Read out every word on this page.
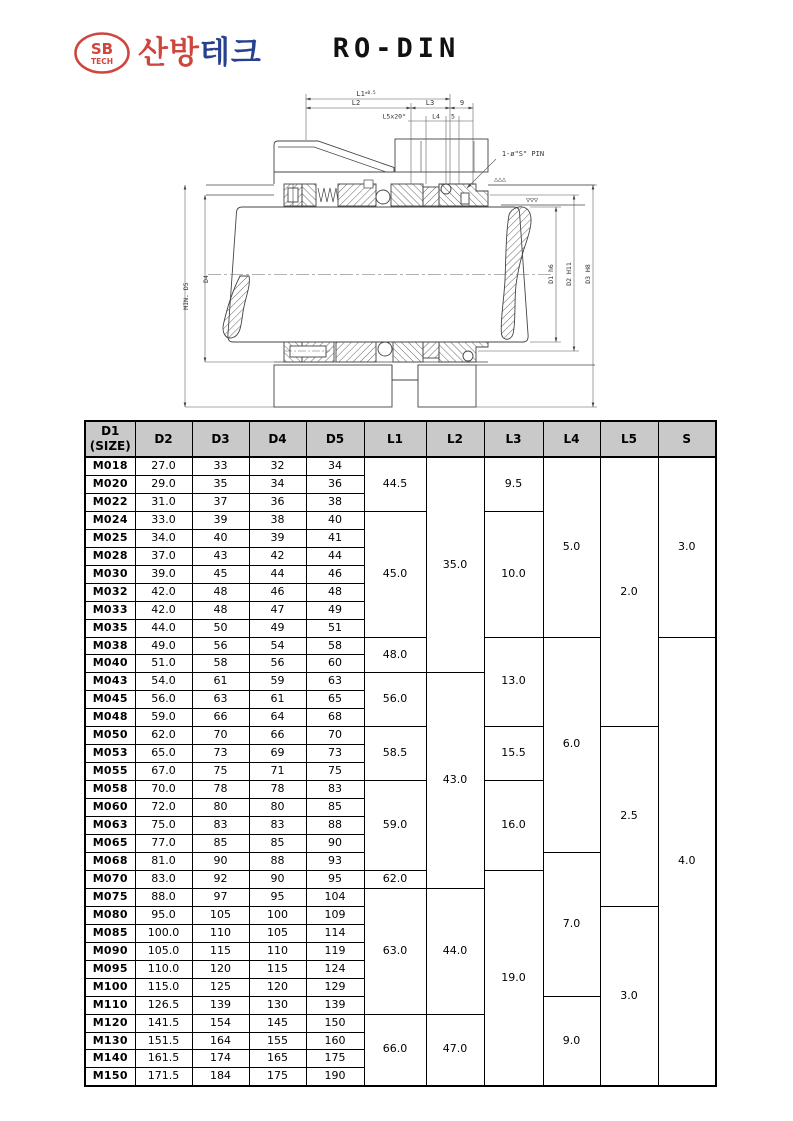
SB
TECH 산방테크	RO-DIN
$L1^{\pm 0.5}$
L2	L3	9
L5x20°	L4 5
1-ø"S" PIN
MIN. D5
D4	D1 h6 D2 H11 D3 H8
△△△
▽▽▽
D1
(SIZE)	D2	D3	D4	D5	L1	L2	L3	L4	L5	S
M018	27.0	33	32	34	44.5	35.0	9.5	5.0	2.0	3.0
M020	29.0	35	34	36						
M022	31.0	37	36	38						
M024	33.0	39	38	40	45.0		10.0			
M025	34.0	40	39	41						
M028	37.0	43	42	44						
M030	39.0	45	44	46						
M032	42.0	48	46	48						
M033	42.0	48	47	49						
M035	44.0	50	49	51						
M038	49.0	56	54	58	48.0		13.0	6.0		4.0
M040	51.0	58	56	60						
M043	54.0	61	59	63	56.0	43.0				
M045	56.0	63	61	65						
M048	59.0	66	64	68						
M050	62.0	70	66	70	58.5		15.5		2.5	
M053	65.0	73	69	73						
M055	67.0	75	71	75						
M058	70.0	78	78	83	59.0		16.0			
M060	72.0	80	80	85						
M063	75.0	83	83	88						
M065	77.0	85	85	90						
M068	81.0	90	88	93				7.0		
M070	83.0	92	90	95	62.0		19.0			
M075	88.0	97	95	104	63.0	44.0				
M080	95.0	105	100	109					3.0	
M085	100.0	110	105	114						
M090	105.0	115	110	119						
M095	110.0	120	115	124						
M100	115.0	125	120	129						
M110	126.5	139	130	139				9.0		
M120	141.5	154	145	150	66.0	47.0				
M130	151.5	164	155	160						
M140	161.5	174	165	175						
M150	171.5	184	175	190						
